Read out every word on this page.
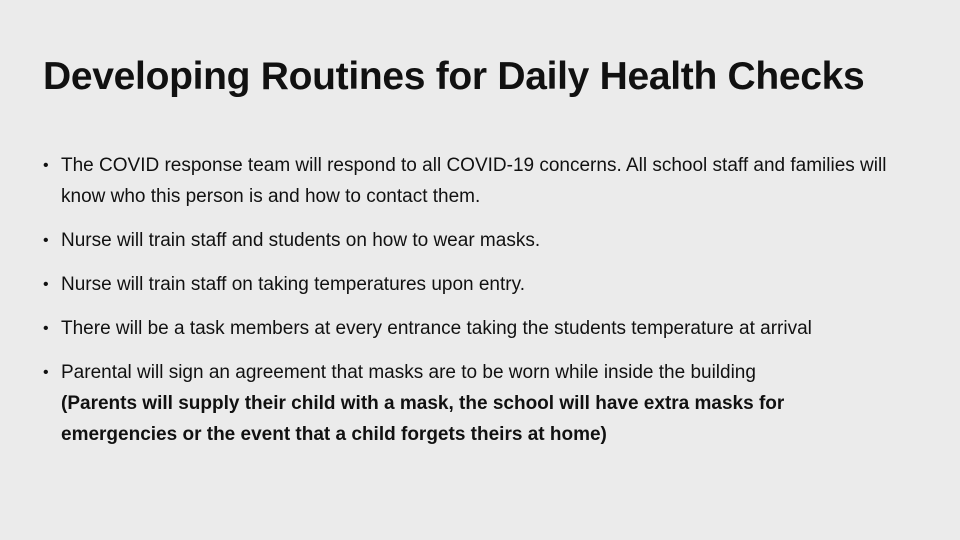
Developing Routines for Daily Health Checks
• The COVID response team will respond to all COVID-19 concerns. All school staff and families will know who this person is and how to contact them.
• Nurse will train staff and students on how to wear masks.
• Nurse will train staff on taking temperatures upon entry.
• There will be a task members at every entrance taking the students temperature at arrival
• Parental will sign an agreement that masks are to be worn while inside the building
(Parents will supply their child with a mask, the school will have extra masks for emergencies or the event that a child forgets theirs at home)
